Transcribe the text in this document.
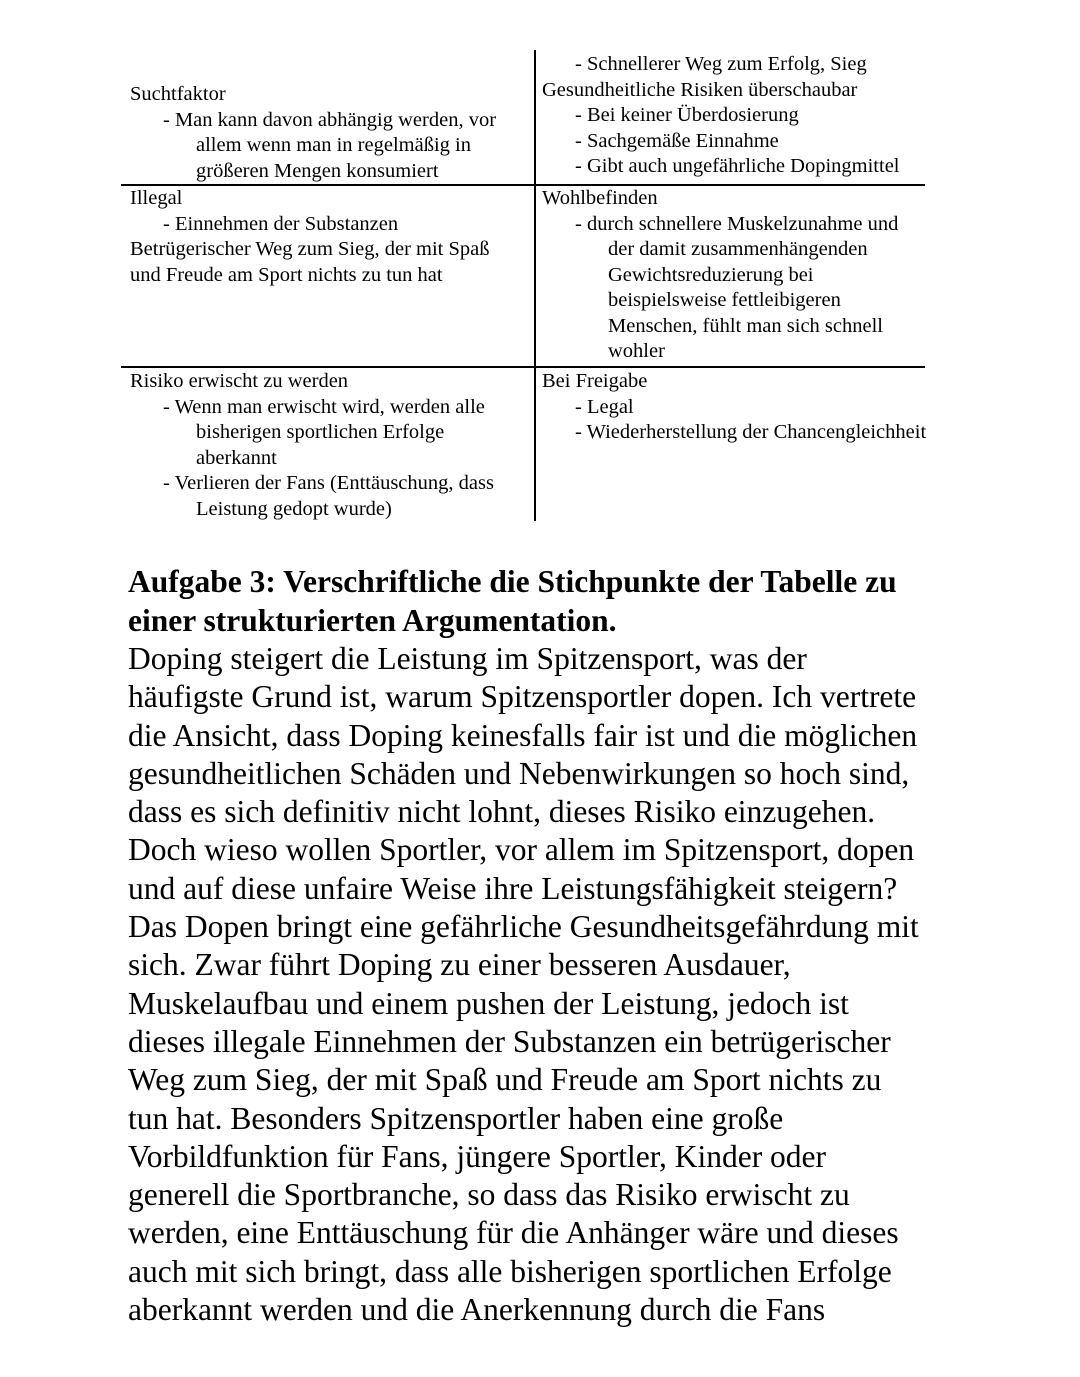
Suchtfaktor
- Man kann davon abhängig werden, vor
allem wenn man in regelmäßig in
größeren Mengen konsumiert
Illegal
- Einnehmen der Substanzen
Betrügerischer Weg zum Sieg, der mit Spaß
und Freude am Sport nichts zu tun hat
Risiko erwischt zu werden
- Wenn man erwischt wird, werden alle
bisherigen sportlichen Erfolge
aberkannt
- Verlieren der Fans (Enttäuschung, dass
Leistung gedopt wurde)
- Schnellerer Weg zum Erfolg, Sieg
Gesundheitliche Risiken überschaubar
- Bei keiner Überdosierung
- Sachgemäße Einnahme
- Gibt auch ungefährliche Dopingmittel
Wohlbefinden
- durch schnellere Muskelzunahme und
der damit zusammenhängenden
Gewichtsreduzierung bei
beispielsweise fettleibigeren
Menschen, fühlt man sich schnell
wohler
Bei Freigabe
- Legal
- Wiederherstellung der Chancengleichheit
Aufgabe 3: Verschriftliche die Stichpunkte der Tabelle zu
einer strukturierten Argumentation.
Doping steigert die Leistung im Spitzensport, was der
häufigste Grund ist, warum Spitzensportler dopen. Ich vertrete
die Ansicht, dass Doping keinesfalls fair ist und die möglichen
gesundheitlichen Schäden und Nebenwirkungen so hoch sind,
dass es sich definitiv nicht lohnt, dieses Risiko einzugehen.
Doch wieso wollen Sportler, vor allem im Spitzensport, dopen
und auf diese unfaire Weise ihre Leistungsfähigkeit steigern?
Das Dopen bringt eine gefährliche Gesundheitsgefährdung mit
sich. Zwar führt Doping zu einer besseren Ausdauer,
Muskelaufbau und einem pushen der Leistung, jedoch ist
dieses illegale Einnehmen der Substanzen ein betrügerischer
Weg zum Sieg, der mit Spaß und Freude am Sport nichts zu
tun hat. Besonders Spitzensportler haben eine große
Vorbildfunktion für Fans, jüngere Sportler, Kinder oder
generell die Sportbranche, so dass das Risiko erwischt zu
werden, eine Enttäuschung für die Anhänger wäre und dieses
auch mit sich bringt, dass alle bisherigen sportlichen Erfolge
aberkannt werden und die Anerkennung durch die Fans
